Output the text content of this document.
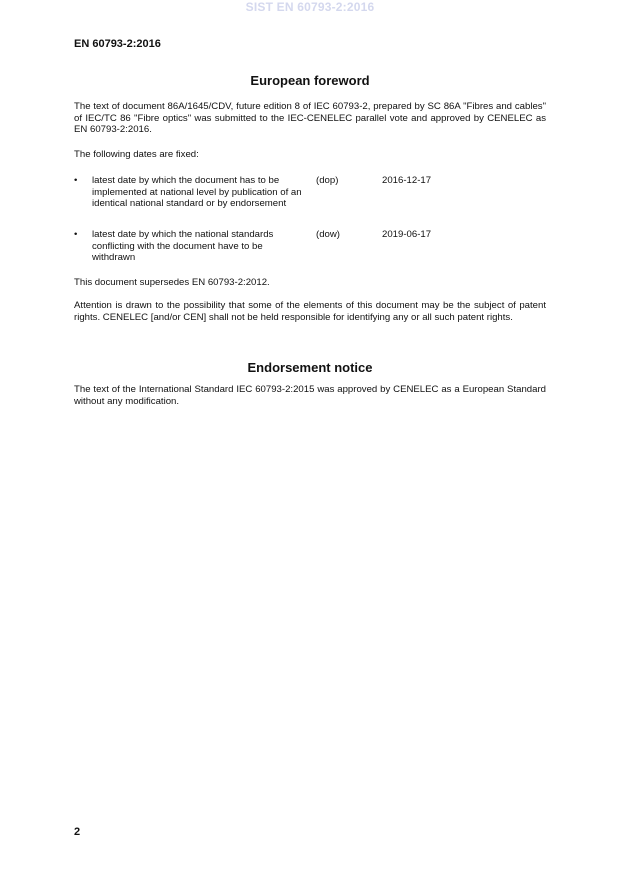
SIST EN 60793-2:2016
EN 60793-2:2016
European foreword
The text of document 86A/1645/CDV, future edition 8 of IEC 60793-2, prepared by SC 86A "Fibres and cables" of IEC/TC 86 "Fibre optics" was submitted to the IEC-CENELEC parallel vote and approved by CENELEC as EN 60793-2:2016.
The following dates are fixed:
• latest date by which the document has to be implemented at national level by publication of an identical national standard or by endorsement
(dop)	2016-12-17
• latest date by which the national standards conflicting with the document have to be withdrawn
(dow)	2019-06-17
This document supersedes EN 60793-2:2012.
Attention is drawn to the possibility that some of the elements of this document may be the subject of patent rights. CENELEC [and/or CEN] shall not be held responsible for identifying any or all such patent rights.
Endorsement notice
The text of the International Standard IEC 60793-2:2015 was approved by CENELEC as a European Standard without any modification.
2
